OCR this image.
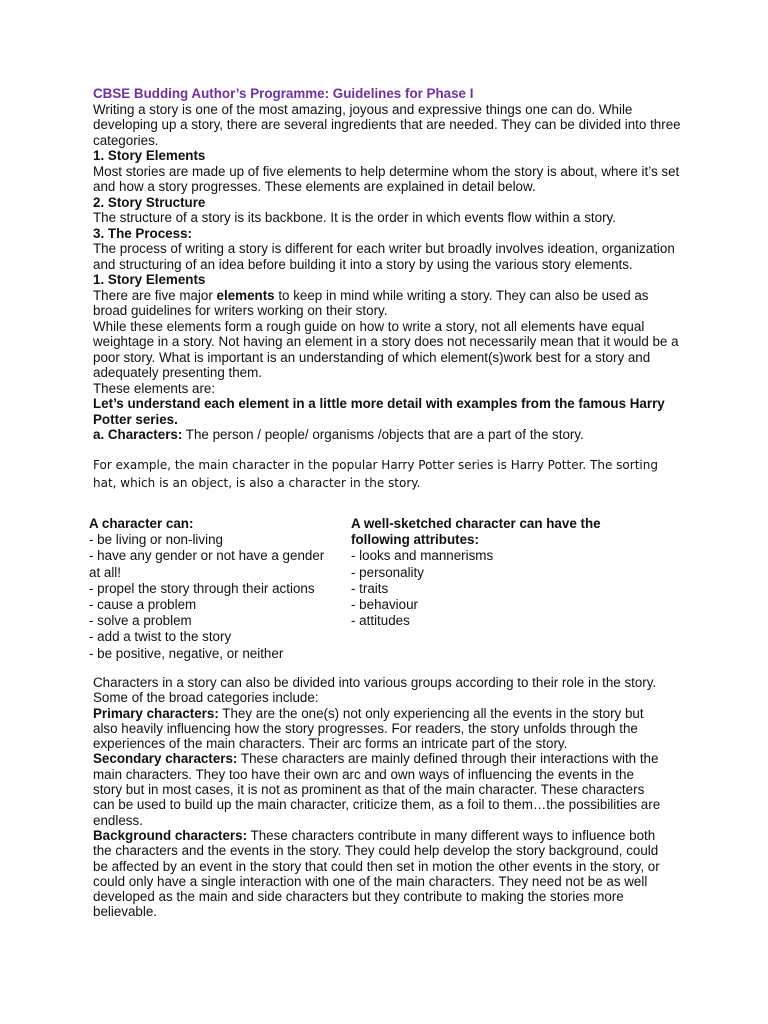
CBSE Budding Author’s Programme: Guidelines for Phase I

Writing a story is one of the most amazing, joyous and expressive things one can do. While developing up a story, there are several ingredients that are needed. They can be divided into three categories.

1. Story Elements

Most stories are made up of five elements to help determine whom the story is about, where it’s set and how a story progresses. These elements are explained in detail below.

2. Story Structure

The structure of a story is its backbone. It is the order in which events flow within a story.

3. The Process:

The process of writing a story is different for each writer but broadly involves ideation, organization and structuring of an idea before building it into a story by using the various story elements.

1. Story Elements

There are five major elements to keep in mind while writing a story. They can also be used as broad guidelines for writers working on their story.

While these elements form a rough guide on how to write a story, not all elements have equal weightage in a story. Not having an element in a story does not necessarily mean that it would be a poor story. What is important is an understanding of which element(s)work best for a story and adequately presenting them.

These elements are:

Let’s understand each element in a little more detail with examples from the famous Harry Potter series.

a. Characters: The person / people/ organisms /objects that are a part of the story.

For example, the main character in the popular Harry Potter series is Harry Potter. The sorting hat, which is an object, is also a character in the story.

A character can:
- be living or non-living
- have any gender or not have a gender at all!
- propel the story through their actions
- cause a problem
- solve a problem
- add a twist to the story
- be positive, negative, or neither
A well-sketched character can have the following attributes:
- looks and mannerisms
- personality
- traits
- behaviour
- attitudes

Characters in a story can also be divided into various groups according to their role in the story. Some of the broad categories include:

Primary characters: They are the one(s) not only experiencing all the events in the story but also heavily influencing how the story progresses. For readers, the story unfolds through the experiences of the main characters. Their arc forms an intricate part of the story.

Secondary characters: These characters are mainly defined through their interactions with the main characters. They too have their own arc and own ways of influencing the events in the story but in most cases, it is not as prominent as that of the main character. These characters can be used to build up the main character, criticize them, as a foil to them…the possibilities are endless.

Background characters: These characters contribute in many different ways to influence both the characters and the events in the story. They could help develop the story background, could be affected by an event in the story that could then set in motion the other events in the story, or could only have a single interaction with one of the main characters. They need not be as well developed as the main and side characters but they contribute to making the stories more believable.
